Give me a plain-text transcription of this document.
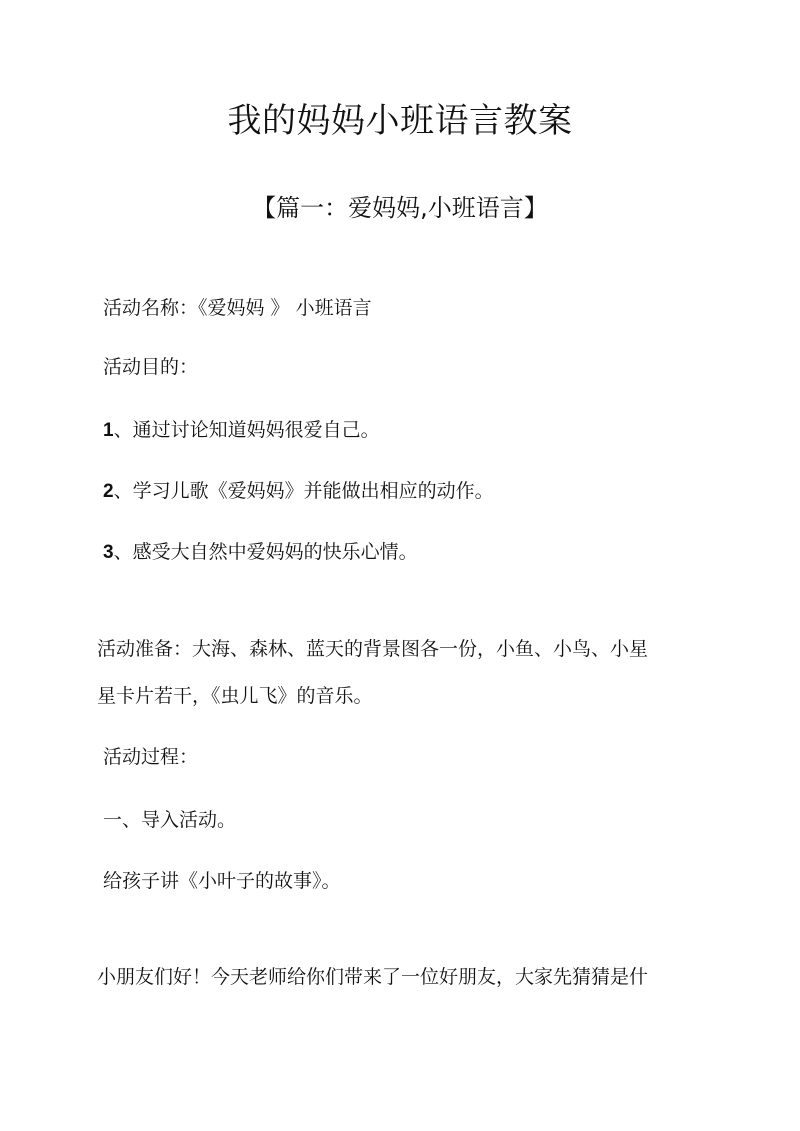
我的妈妈小班语言教案
【篇一：爱妈妈,小班语言】
活动名称：《爱妈妈 》 小班语言
活动目的：
1、通过讨论知道妈妈很爱自己。
2、学习儿歌《爱妈妈》并能做出相应的动作。
3、感受大自然中爱妈妈的快乐心情。
活动准备：大海、森林、蓝天的背景图各一份，小鱼、小鸟、小星
星卡片若干，《虫儿飞》的音乐。
活动过程：
一、导入活动。
给孩子讲《小叶子的故事》。
小朋友们好！今天老师给你们带来了一位好朋友，大家先猜猜是什
